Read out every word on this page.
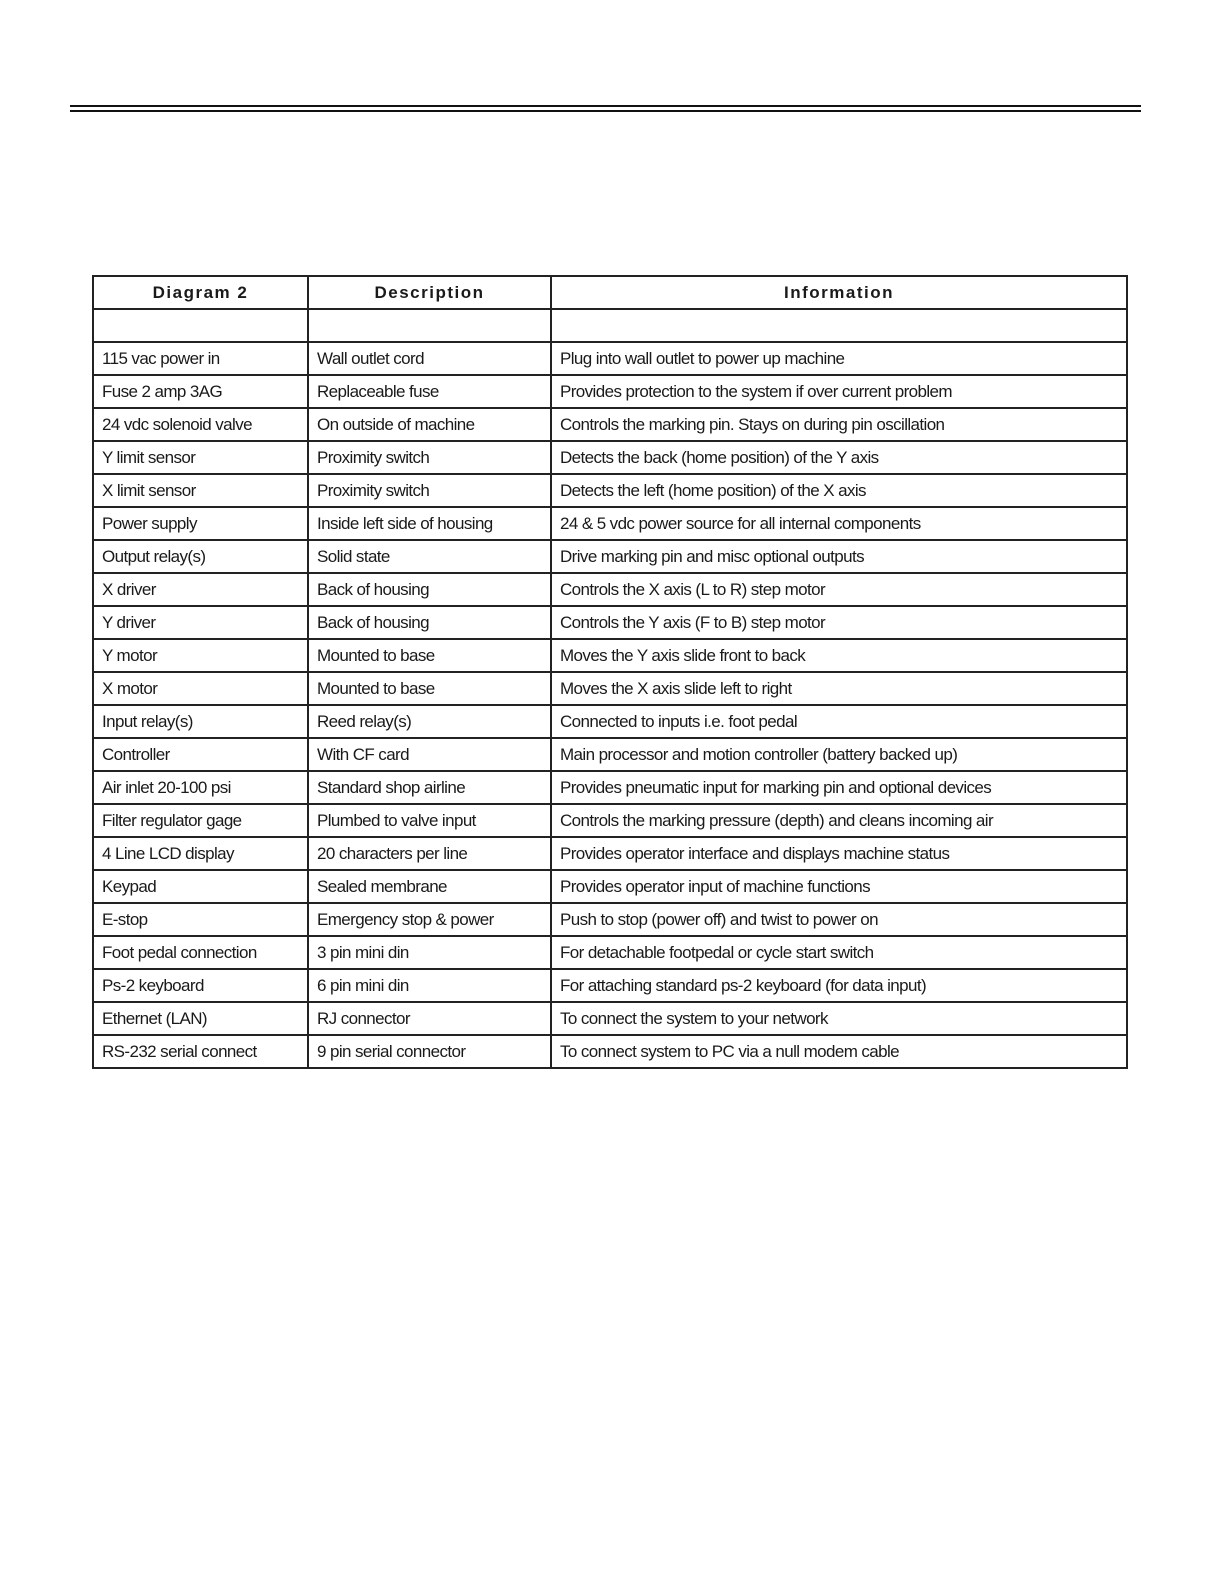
Diagram 2	Description	Information

115 vac power in	Wall outlet cord	Plug into wall outlet to power up machine
Fuse 2 amp 3AG	Replaceable fuse	Provides protection to the system if over current problem
24 vdc solenoid valve	On outside of machine	Controls the marking pin. Stays on during pin oscillation
Y limit sensor	Proximity switch	Detects the back (home position) of the Y axis
X limit sensor	Proximity switch	Detects the left (home position) of the X axis
Power supply	Inside left side of housing	24 & 5 vdc power source for all internal components
Output relay(s)	Solid state	Drive marking pin and misc optional outputs
X driver	Back of housing	Controls the X axis (L to R) step motor
Y driver	Back of housing	Controls the Y axis (F to B) step motor
Y motor	Mounted to base	Moves the Y axis slide front to back
X motor	Mounted to base	Moves the X axis slide left to right
Input relay(s)	Reed relay(s)	Connected to inputs i.e. foot pedal
Controller	With CF card	Main processor and motion controller (battery backed up)
Air inlet 20-100 psi	Standard shop airline	Provides pneumatic input for marking pin and optional devices
Filter regulator gage	Plumbed to valve input	Controls the marking pressure (depth) and cleans incoming air
4 Line LCD display	20 characters per line	Provides operator interface and displays machine status
Keypad	Sealed membrane	Provides operator input of machine functions
E-stop	Emergency stop & power	Push to stop (power off) and twist to power on
Foot pedal connection	3 pin mini din	For detachable footpedal or cycle start switch
Ps-2 keyboard	6 pin mini din	For attaching standard ps-2 keyboard (for data input)
Ethernet (LAN)	RJ connector	To connect the system to your network
RS-232 serial connect	9 pin serial connector	To connect system to PC via a null modem cable
